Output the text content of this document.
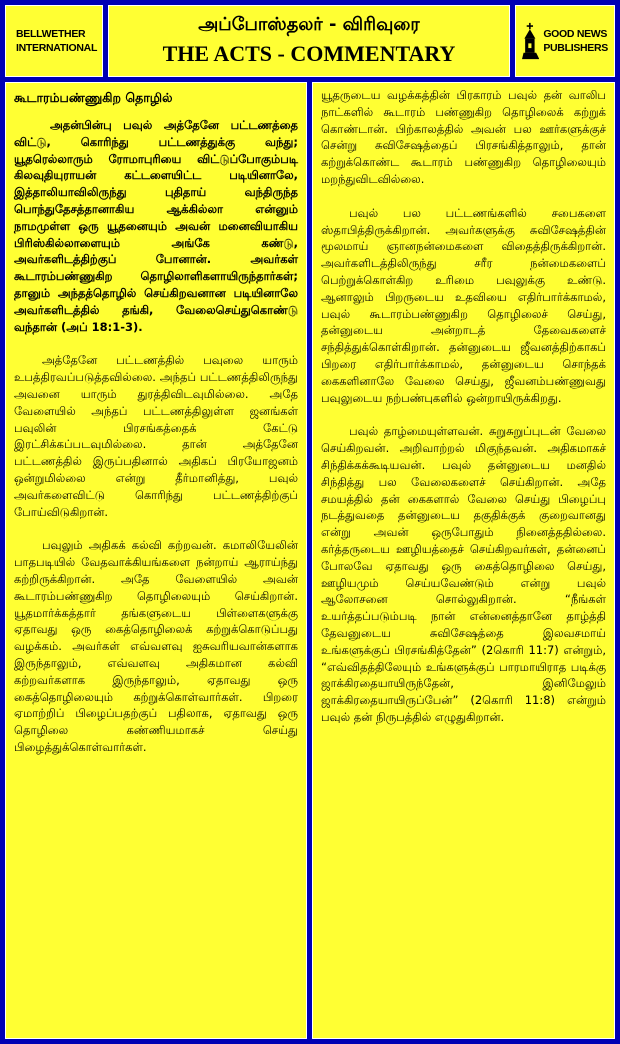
BELLWETHER
INTERNATIONAL
அப்போஸ்தலர் - விரிவுரை
THE ACTS - COMMENTARY
GOOD NEWS
PUBLISHERS
கூடாரம்பண்ணுகிற தொழில்

அதன்பின்பு பவுல் அத்தேனே பட்டணத்தை விட்டு, கொரிந்து பட்டணத்துக்கு வந்து; யூதரெல்லாரும் ரோமாபுரியை விட்டுப்போகும்படி கிலவுதியுராயன் கட்டளையிட்ட படியினாலே, இத்தாலியாவிலிருந்து புதிதாய் வந்திருந்த பொந்துதேசத்தானாகிய ஆக்கில்லா என்னும் நாமமுள்ள ஒரு யூதனையும் அவன் மனைவியாகிய பிரிஸ்கில்லாளையும் அங்கே கண்டு, அவர்களிடத்திற்குப் போனான். அவர்கள் கூடாரம்பண்ணுகிற தொழிலாளிகளாயிருந்தார்கள்; தானும் அந்தத்தொழில் செய்கிறவனான படியினாலே அவர்களிடத்தில் தங்கி, வேலைசெய்துகொண்டு வந்தான் (அப் 18:1-3).

அத்தேனே பட்டணத்தில் பவுலை யாரும் உபத்திரவப்படுத்தவில்லை. அந்தப் பட்டணத்திலிருந்து அவனை யாரும் துரத்திவிடவுமில்லை. அதே வேளையில் அந்தப் பட்டணத்திலுள்ள ஜனங்கள் பவுலின் பிரசங்கத்தைக் கேட்டு இரட்சிக்கப்படவுமில்லை. தான் அத்தேனே பட்டணத்தில் இருப்பதினால் அதிகப் பிரயோஜனம் ஒன்றுமில்லை என்று தீர்மானித்து, பவுல் அவர்களைவிட்டு கொரிந்து பட்டணத்திற்குப் போய்விடுகிறான்.

பவுலும் அதிகக் கல்வி கற்றவன். கமாலியேலின் பாதபடியில் வேதவாக்கியங்களை நன்றாய் ஆராய்ந்து கற்றிருக்கிறான். அதே வேளையில் அவன் கூடாரம்பண்ணுகிற தொழிலையும் செய்கிறான். யூதமார்க்கத்தார் தங்களுடைய பிள்ளைகளுக்கு ஏதாவது ஒரு கைத்தொழிலைக் கற்றுக்கொடுப்பது வழக்கம். அவர்கள் எவ்வளவு ஐசுவரியவான்களாக இருந்தாலும், எவ்வளவு அதிகமான கல்வி கற்றவர்களாக இருந்தாலும், ஏதாவது ஒரு கைத்தொழிலையும் கற்றுக்கொள்வார்கள். பிறரை ஏமாற்றிப் பிழைப்பதற்குப் பதிலாக, ஏதாவது ஒரு தொழிலை கண்ணியமாகச் செய்து பிழைத்துக்கொள்வார்கள்.

யூதருடைய வழக்கத்தின் பிரகாரம் பவுல் தன் வாலிப நாட்களில் கூடாரம் பண்ணுகிற தொழிலைக் கற்றுக் கொண்டான். பிற்காலத்தில் அவன் பல ஊர்களுக்குச் சென்று சுவிசேஷத்தைப் பிரசங்கித்தாலும், தான் கற்றுக்கொண்ட கூடாரம் பண்ணுகிற தொழிலையும் மறந்துவிடவில்லை.

பவுல் பல பட்டணங்களில் சபைகளை ஸ்தாபித்திருக்கிறான். அவர்களுக்கு சுவிசேஷத்தின் மூலமாய் ஞானநன்மைகளை விதைத்திருக்கிறான். அவர்களிடத்திலிருந்து சரீர நன்மைகளைப் பெற்றுக்கொள்கிற உரிமை பவுலுக்கு உண்டு. ஆனாலும் பிறருடைய உதவியை எதிர்பார்க்காமல், பவுல் கூடாரம்பண்ணுகிற தொழிலைச் செய்து, தன்னுடைய அன்றாடத் தேவைகளைச் சந்தித்துக்கொள்கிறான். தன்னுடைய ஜீவனத்திற்காகப் பிறரை எதிர்பார்க்காமல், தன்னுடைய சொந்தக் கைகளினாலே வேலை செய்து, ஜீவனம்பண்ணுவது பவுலுடைய நற்பண்புகளில் ஒன்றாயிருக்கிறது.

பவுல் தாழ்மையுள்ளவன். சுறுசுறுப்புடன் வேலை செய்கிறவன். அறிவாற்றல் மிகுந்தவன். அதிகமாகச் சிந்திக்கக்கூடியவன். பவுல் தன்னுடைய மனதில் சிந்தித்து பல வேலைகளைச் செய்கிறான். அதே சமயத்தில் தன் கைகளால் வேலை செய்து பிழைப்பு நடத்துவதை தன்னுடைய தகுதிக்குக் குறைவானது என்று அவன் ஒருபோதும் நினைத்ததில்லை. கர்த்தருடைய ஊழியத்தைச் செய்கிறவர்கள், தன்னைப் போலவே ஏதாவது ஒரு கைத்தொழிலை செய்து, ஊழியமும் செய்யவேண்டும் என்று பவுல் ஆலோசனை சொல்லுகிறான். “நீங்கள் உயர்த்தப்படும்படி நான் என்னைத்தானே தாழ்த்தி தேவனுடைய சுவிசேஷத்தை இலவசமாய் உங்களுக்குப் பிரசங்கித்தேன்” (2கொரி 11:7) என்றும், “எவ்விதத்திலேயும் உங்களுக்குப் பாரமாயிராத படிக்கு ஜாக்கிரதையாயிருந்தேன், இனிமேலும் ஜாக்கிரதையாயிருப்பேன்” (2கொரி 11:8) என்றும் பவுல் தன் நிருபத்தில் எழுதுகிறான்.
